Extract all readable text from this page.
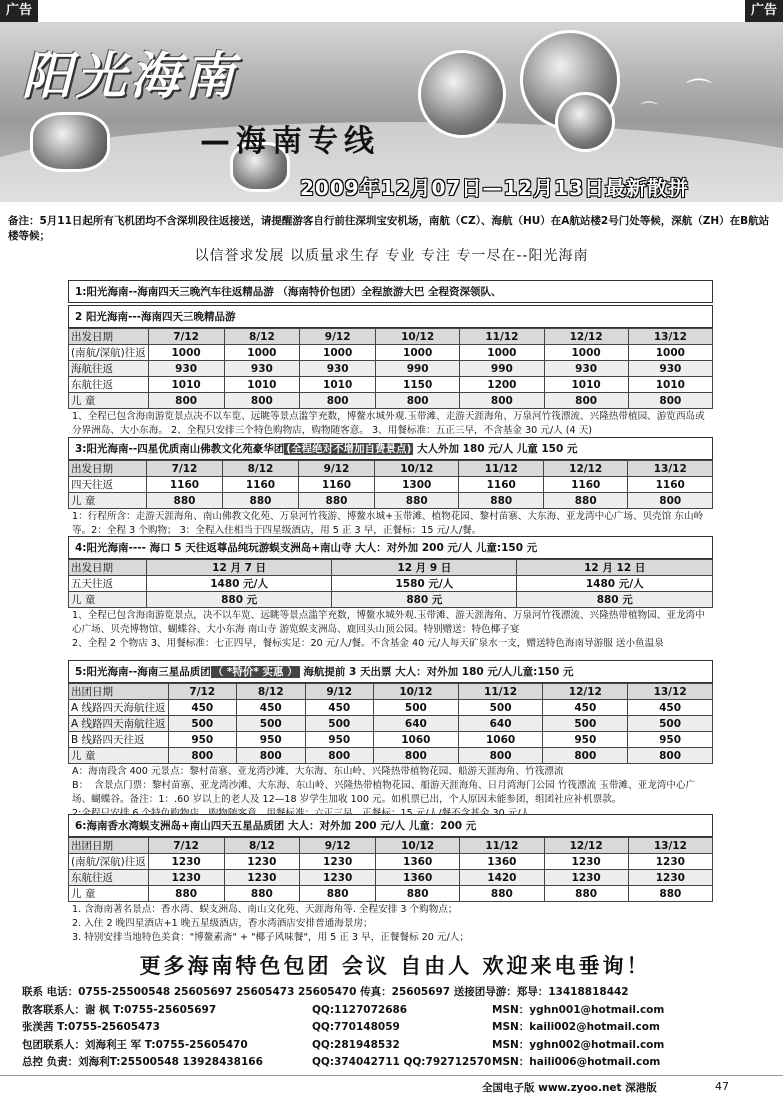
广告	广告
⌒
⌒
阳光海南
—海南专线
2009年12月07日—12月13日最新散拼
备注：5月11日起所有飞机团均不含深圳段往返接送，请提醒游客自行前往深圳宝安机场，南航（CZ）、海航（HU）在A航站楼2号门处等候，深航（ZH）在B航站楼等候；
以信誉求发展 以质量求生存 专业 专注 专一尽在--阳光海南
1:阳光海南--海南四天三晚汽车往返精品游 （海南特价包团）全程旅游大巴 全程资深领队、
2 阳光海南---海南四天三晚精品游
出发日期	7/12	8/12	9/12	10/12	11/12	12/12	13/12
(南航/深航)往返	1000	1000	1000	1000	1000	1000	1000
海航往返	930	930	930	990	990	930	930
东航往返	1010	1010	1010	1150	1200	1010	1010
儿 童	800	800	800	800	800	800	800
1、全程已包含海南游览景点决不以车览、远眺等景点滥竽充数，博鳌水城外观.玉带滩、走游天涯海角、万泉河竹筏漂流、兴隆热带植园、游览西岛或分界洲岛、大小东海。 2、全程只安排三个特色购物店，购物随客意。 3、用餐标准：五正三早，不含基金 30 元/人 (4 天)
3:阳光海南--四星优质南山佛教文化苑豪华团 (全程绝对不增加自费景点) 大人外加 180 元/人 儿童 150 元
出发日期	7/12	8/12	9/12	10/12	11/12	12/12	13/12
四天往返	1160	1160	1160	1300	1160	1160	1160
儿 童	880	880	880	880	880	880	800
1：行程所含：走游天涯海角、南山佛教文化苑、万泉河竹筏游、博鳌水城+玉带滩、植物花园、黎村苗寨、大东海、亚龙湾中心广场、贝壳馆 东山岭等。2：全程 3 个购物； 3：全程入住相当于四星级酒店，用 5 正 3 早，正餐标：15 元/人/餐。
4:阳光海南---- 海口 5 天往返尊品纯玩游蜈支洲岛+南山寺 大人：对外加 200 元/人 儿童:150 元
出发日期	12 月 7 日	12 月 9 日	12 月 12 日
五天往返	1480 元/人	1580 元/人	1480 元/人
儿 童	880 元	880 元	880 元
1、全程已包含海南游览景点，决不以车览、远眺等景点滥竽充数，博鳌水城外观.玉带滩、游天涯海角、万泉河竹筏漂流、兴隆热带植物园、亚龙湾中心广场、贝壳博物馆、蝴蝶谷、大小东海 南山寺 游览蜈支洲岛、鹿回头山顶公园。特别赠送：特色椰子宴
2、全程 2 个物店 3、用餐标准：七正四早，餐标实足：20 元/人/餐。不含基金 40 元/人每天矿泉水一支，赠送特色海南导游服 送小鱼温泉
5:阳光海南--海南三星品质团 （ *特价* 实惠 ） 海航提前 3 天出票 大人：对外加 180 元/人儿童:150 元
出团日期	7/12	8/12	9/12	10/12	11/12	12/12	13/12
A 线路四天海航往返	450	450	450	500	500	450	450
A 线路四天南航往返	500	500	500	640	640	500	500
B 线路四天往返	950	950	950	1060	1060	950	950
儿 童	800	800	800	800	800	800	800
A：海南段含 400 元景点：黎村苗寨、亚龙湾沙滩、大东海、东山岭、兴隆热带植物花园、船游天涯海角、竹筏漂流
B：  含景点门票：黎村苗寨、亚龙湾沙滩、大东海、东山岭、兴隆热带植物花园、船游天涯海角、日月湾海门公园 竹筏漂流 玉带滩、亚龙湾中心广场、蝴蝶谷。备注：1：.60 岁以上的老人及 12—18 岁学生加收 100 元。如机票已出，个人原因未能参团，组团社应补机票款。

6:海南香水湾蜈支洲岛+南山四天五星品质团 大人：对外加 200 元/人 儿童：200 元
出团日期	7/12	8/12	9/12	10/12	11/12	12/12	13/12
(南航/深航)往返	1230	1230	1230	1360	1360	1230	1230
东航往返	1230	1230	1230	1360	1420	1230	1230
儿 童	880	880	880	880	880	880	880
1. 含海南著名景点：香水湾、蜈支洲岛、南山文化苑、天涯海角等. 全程安排 3 个购物点；
2. 入住 2 晚四星酒店+1 晚五星级酒店，香水湾酒店安排普通海景房；
3. 特别安排当地特色美食："博鳌素斋" + "椰子风味餐"，用 5 正 3 早，正餐餐标 20 元/人；
更多海南特色包团 会议 自由人 欢迎来电垂询！
联系 电话：0755-25500548 25605697 25605473 25605470 传真：25605697 送接团导游：郑导：13418818442
散客联系人：谢 枫 T:0755-25605697	QQ:1127072686	MSN：yghn001@hotmail.com
张渼茜 T:0755-25605473	QQ:770148059	MSN：kaili002@hotmail.com
包团联系人：刘海利王 军 T:0755-25605470	QQ:281948532	MSN：yghn002@hotmail.com
总控 负责：刘海利T:25500548 13928438166	QQ:374042711 QQ:792712570 MSN：haili006@hotmail.com
全国电子版 www.zyoo.net 深港版	47
